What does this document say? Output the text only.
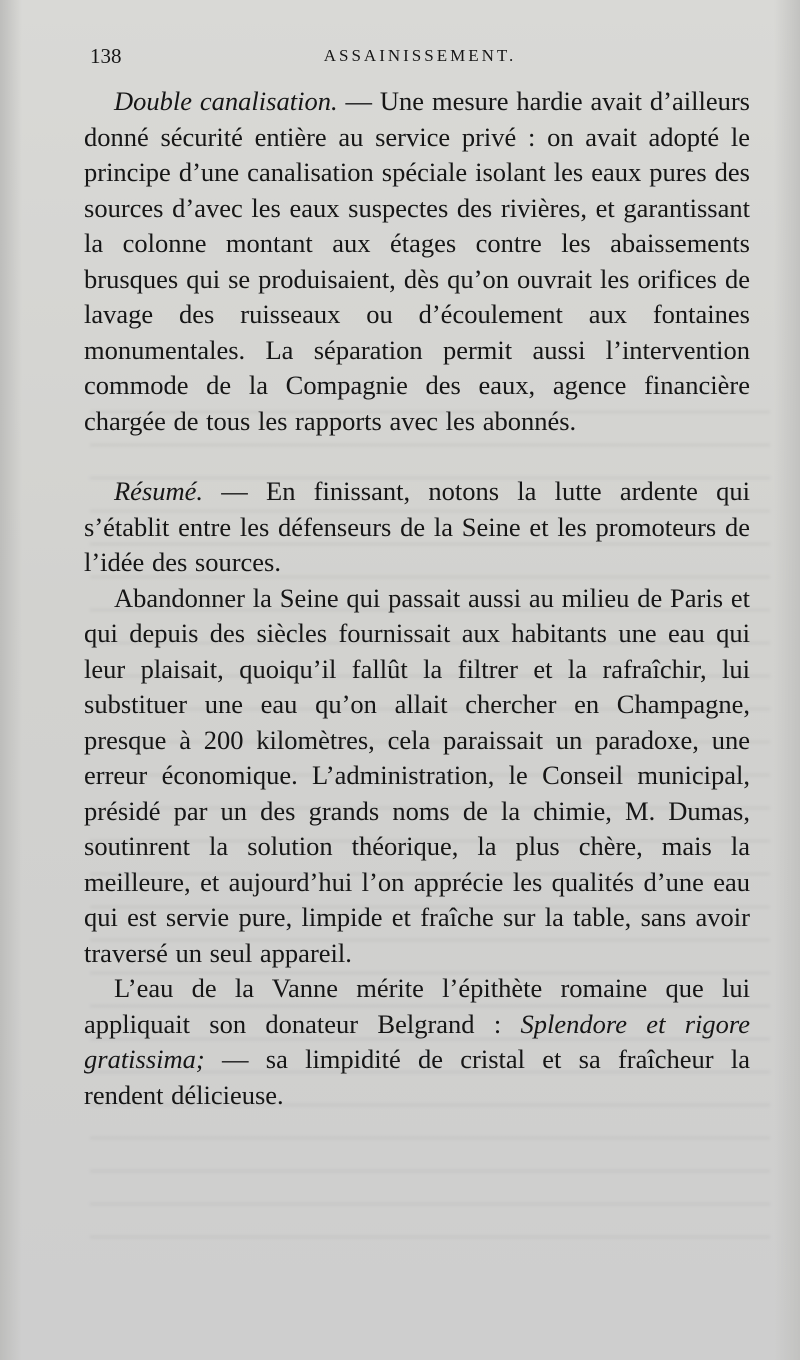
138	ASSAINISSEMENT.

Double canalisation. — Une mesure hardie avait d’ailleurs donné sécurité entière au service privé : on avait adopté le principe d’une canalisation spéciale isolant les eaux pures des sources d’avec les eaux suspectes des rivières, et garantissant la colonne montant aux étages contre les abaissements brusques qui se produisaient, dès qu’on ouvrait les orifices de lavage des ruisseaux ou d’écoulement aux fontaines monumentales. La séparation permit aussi l’intervention commode de la Compagnie des eaux, agence financière chargée de tous les rapports avec les abonnés.

Résumé. — En finissant, notons la lutte ardente qui s’établit entre les défenseurs de la Seine et les promoteurs de l’idée des sources.

Abandonner la Seine qui passait aussi au milieu de Paris et qui depuis des siècles fournissait aux habitants une eau qui leur plaisait, quoiqu’il fallût la filtrer et la rafraîchir, lui substituer une eau qu’on allait chercher en Champagne, presque à 200 kilomètres, cela paraissait un paradoxe, une erreur économique. L’administration, le Conseil municipal, présidé par un des grands noms de la chimie, M. Dumas, soutinrent la solution théorique, la plus chère, mais la meilleure, et aujourd’hui l’on apprécie les qualités d’une eau qui est servie pure, limpide et fraîche sur la table, sans avoir traversé un seul appareil.

L’eau de la Vanne mérite l’épithète romaine que lui appliquait son donateur Belgrand : Splendore et rigore gratissima; — sa limpidité de cristal et sa fraîcheur la rendent délicieuse.
